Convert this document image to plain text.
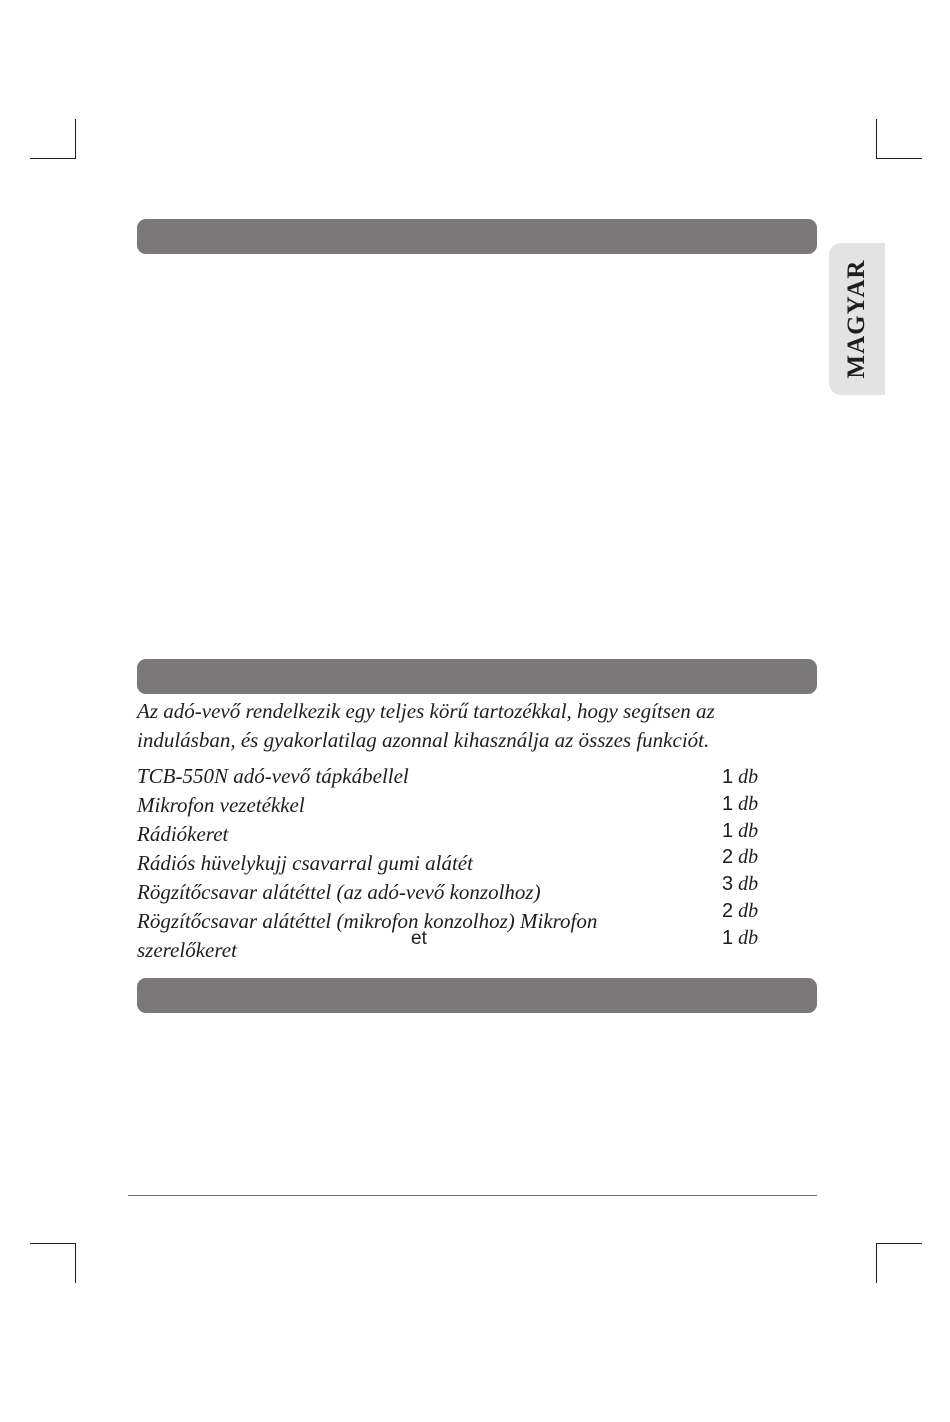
MAGYAR

Az adó-vevő rendelkezik egy teljes körű tartozékkal, hogy segítsen az indulásban, és gyakorlatilag azonnal kihasználja az összes funkciót.

TCB-550N adó-vevő tápkábellel
Mikrofon vezetékkel
Rádiókeret
Rádiós hüvelykujj csavarral gumi alátét
Rögzítőcsavar alátéttel (az adó-vevő konzolhoz)
Rögzítőcsavar alátéttel (mikrofon konzolhoz) Mikrofon
szerelőkeret
1 db
1 db
1 db
2 db
3 db
2 db
1 db
et
